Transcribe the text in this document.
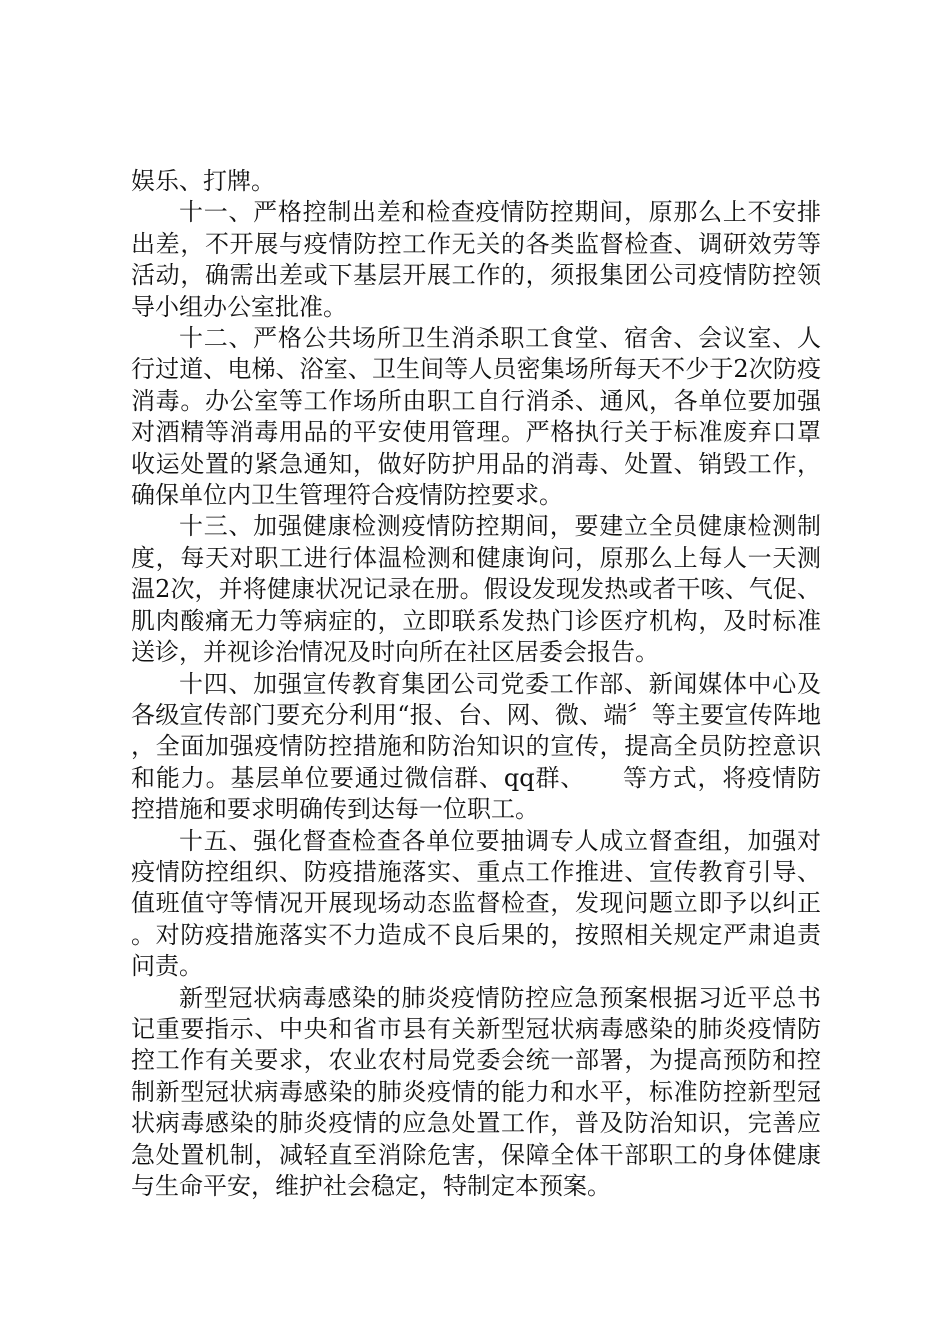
娱乐、打牌。

十一、严格控制出差和检查疫情防控期间，原那么上不安排出差，不开展与疫情防控工作无关的各类监督检查、调研效劳等活动，确需出差或下基层开展工作的，须报集团公司疫情防控领导小组办公室批准。

十二、严格公共场所卫生消杀职工食堂、宿舍、会议室、人行过道、电梯、浴室、卫生间等人员密集场所每天不少于2次防疫消毒。办公室等工作场所由职工自行消杀、通风，各单位要加强对酒精等消毒用品的平安使用管理。严格执行关于标准废弃口罩收运处置的紧急通知，做好防护用品的消毒、处置、销毁工作，确保单位内卫生管理符合疫情防控要求。

十三、加强健康检测疫情防控期间，要建立全员健康检测制度，每天对职工进行体温检测和健康询问，原那么上每人一天测温2次，并将健康状况记录在册。假设发现发热或者干咳、气促、肌肉酸痛无力等病症的，立即联系发热门诊医疗机构，及时标准送诊，并视诊治情况及时向所在社区居委会报告。

十四、加强宣传教育集团公司党委工作部、新闻媒体中心及各级宣传部门要充分利用“报、台、网、微、端〞等主要宣传阵地，全面加强疫情防控措施和防治知识的宣传，提高全员防控意识和能力。基层单位要通过微信群、qq群、　　等方式，将疫情防控措施和要求明确传到达每一位职工。

十五、强化督查检查各单位要抽调专人成立督查组，加强对疫情防控组织、防疫措施落实、重点工作推进、宣传教育引导、值班值守等情况开展现场动态监督检查，发现问题立即予以纠正。对防疫措施落实不力造成不良后果的，按照相关规定严肃追责问责。

新型冠状病毒感染的肺炎疫情防控应急预案根据习近平总书记重要指示、中央和省市县有关新型冠状病毒感染的肺炎疫情防控工作有关要求，农业农村局党委会统一部署，为提高预防和控制新型冠状病毒感染的肺炎疫情的能力和水平，标准防控新型冠状病毒感染的肺炎疫情的应急处置工作，普及防治知识，完善应急处置机制，减轻直至消除危害，保障全体干部职工的身体健康与生命平安，维护社会稳定，特制定本预案。
